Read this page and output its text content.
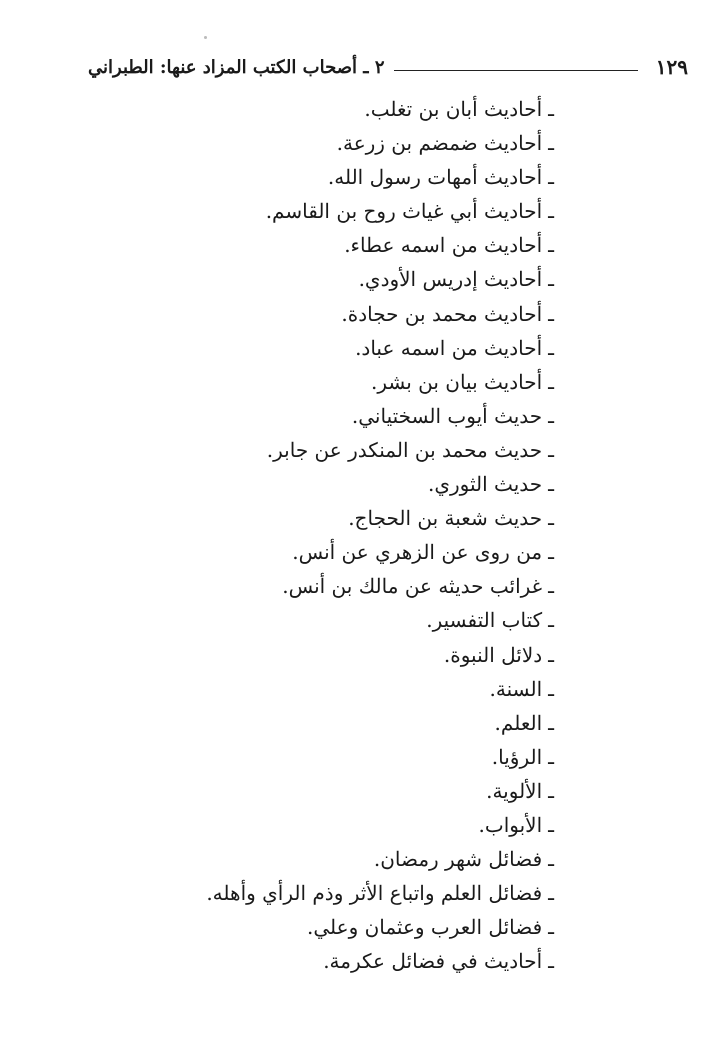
١٢٩
٢ ـ أصحاب الكتب المزاد عنها: الطبراني
ـأحاديث أبان بن تغلب.
ـأحاديث ضمضم بن زرعة.
ـأحاديث أمهات رسول الله.
ـأحاديث أبي غياث روح بن القاسم.
ـأحاديث من اسمه عطاء.
ـأحاديث إدريس الأودي.
ـأحاديث محمد بن حجادة.
ـأحاديث من اسمه عباد.
ـأحاديث بيان بن بشر.
ـحديث أيوب السختياني.
ـحديث محمد بن المنكدر عن جابر.
ـحديث الثوري.
ـحديث شعبة بن الحجاج.
ـمن روى عن الزهري عن أنس.
ـغرائب حديثه عن مالك بن أنس.
ـكتاب التفسير.
ـدلائل النبوة.
ـالسنة.
ـالعلم.
ـالرؤيا.
ـالألوية.
ـالأبواب.
ـفضائل شهر رمضان.
ـفضائل العلم واتباع الأثر وذم الرأي وأهله.
ـفضائل العرب وعثمان وعلي.
ـأحاديث في فضائل عكرمة.
